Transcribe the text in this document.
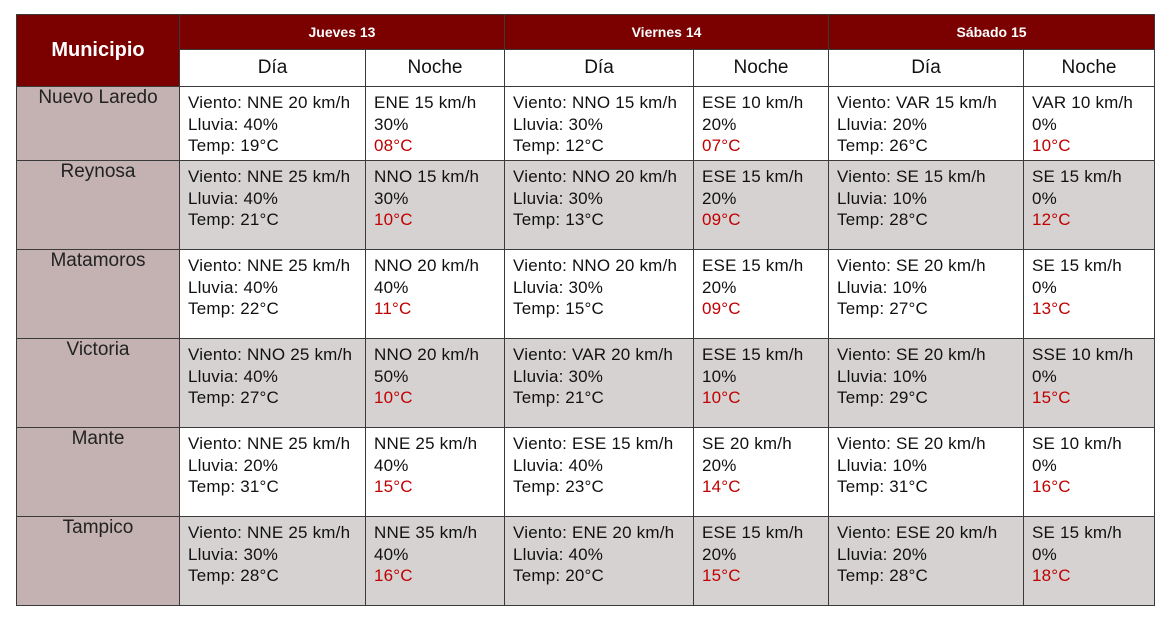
Municipio	Jueves 13		Viernes 14		Sábado 15	
	Día	Noche	Día	Noche	Día	Noche
Nuevo Laredo	Viento: NNE 20 km/h
Lluvia: 40%
Temp: 19°C	ENE 15 km/h
30%
08°C	Viento: NNO 15 km/h
Lluvia: 30%
Temp: 12°C	ESE 10 km/h
20%
07°C	Viento: VAR 15 km/h
Lluvia: 20%
Temp: 26°C	VAR 10 km/h
0%
10°C

Reynosa	Viento: NNE 25 km/h
Lluvia: 40%
Temp: 21°C	NNO 15 km/h
30%
10°C	Viento: NNO 20 km/h
Lluvia: 30%
Temp: 13°C	ESE 15 km/h
20%
09°C	Viento: SE 15 km/h
Lluvia: 10%
Temp: 28°C	SE 15 km/h
0%
12°C

Matamoros	Viento: NNE 25 km/h
Lluvia: 40%
Temp: 22°C	NNO 20 km/h
40%
11°C	Viento: NNO 20 km/h
Lluvia: 30%
Temp: 15°C	ESE 15 km/h
20%
09°C	Viento: SE 20 km/h
Lluvia: 10%
Temp: 27°C	SE 15 km/h
0%
13°C

Victoria	Viento: NNO 25 km/h
Lluvia: 40%
Temp: 27°C	NNO 20 km/h
50%
10°C	Viento: VAR 20 km/h
Lluvia: 30%
Temp: 21°C	ESE 15 km/h
10%
10°C	Viento: SE 20 km/h
Lluvia: 10%
Temp: 29°C	SSE 10 km/h
0%
15°C

Mante	Viento: NNE 25 km/h
Lluvia: 20%
Temp: 31°C	NNE 25 km/h
40%
15°C	Viento: ESE 15 km/h
Lluvia: 40%
Temp: 23°C	SE 20 km/h
20%
14°C	Viento: SE 20 km/h
Lluvia: 10%
Temp: 31°C	SE 10 km/h
0%
16°C

Tampico	Viento: NNE 25 km/h
Lluvia: 30%
Temp: 28°C	NNE 35 km/h
40%
16°C	Viento: ENE 20 km/h
Lluvia: 40%
Temp: 20°C	ESE 15 km/h
20%
15°C	Viento: ESE 20 km/h
Lluvia: 20%
Temp: 28°C	SE 15 km/h
0%
18°C
